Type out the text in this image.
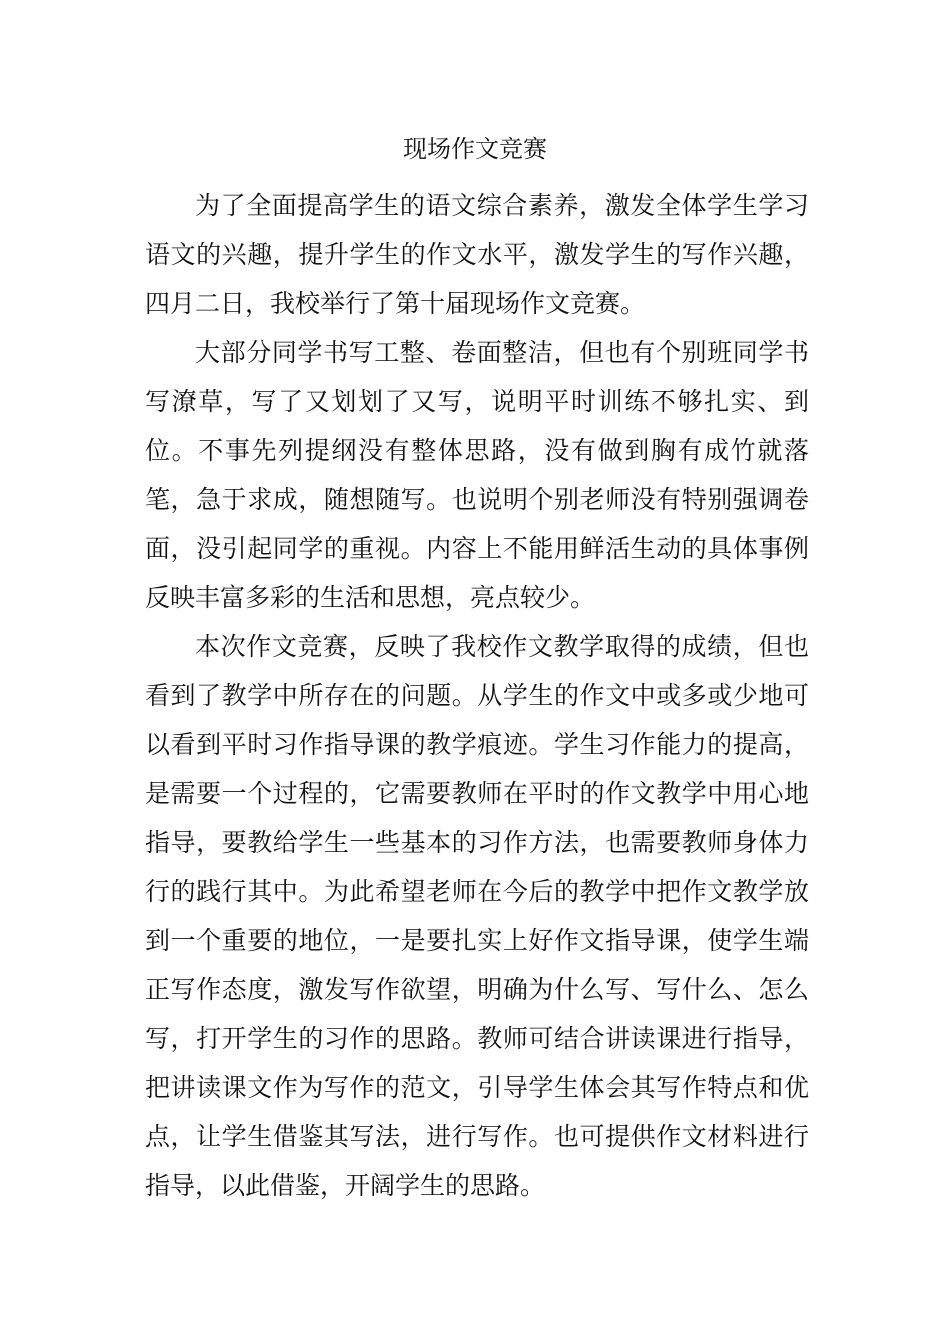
现场作文竞赛

为了全面提高学生的语文综合素养，激发全体学生学习语文的兴趣，提升学生的作文水平，激发学生的写作兴趣，四月二日，我校举行了第十届现场作文竞赛。

大部分同学书写工整、卷面整洁，但也有个别班同学书写潦草，写了又划划了又写，说明平时训练不够扎实、到位。不事先列提纲没有整体思路，没有做到胸有成竹就落笔，急于求成，随想随写。也说明个别老师没有特别强调卷面，没引起同学的重视。内容上不能用鲜活生动的具体事例反映丰富多彩的生活和思想，亮点较少。

本次作文竞赛，反映了我校作文教学取得的成绩，但也看到了教学中所存在的问题。从学生的作文中或多或少地可以看到平时习作指导课的教学痕迹。学生习作能力的提高，是需要一个过程的，它需要教师在平时的作文教学中用心地指导，要教给学生一些基本的习作方法，也需要教师身体力行的践行其中。为此希望老师在今后的教学中把作文教学放到一个重要的地位，一是要扎实上好作文指导课，使学生端正写作态度，激发写作欲望，明确为什么写、写什么、怎么写，打开学生的习作的思路。教师可结合讲读课进行指导，把讲读课文作为写作的范文，引导学生体会其写作特点和优点，让学生借鉴其写法，进行写作。也可提供作文材料进行指导，以此借鉴，开阔学生的思路。
